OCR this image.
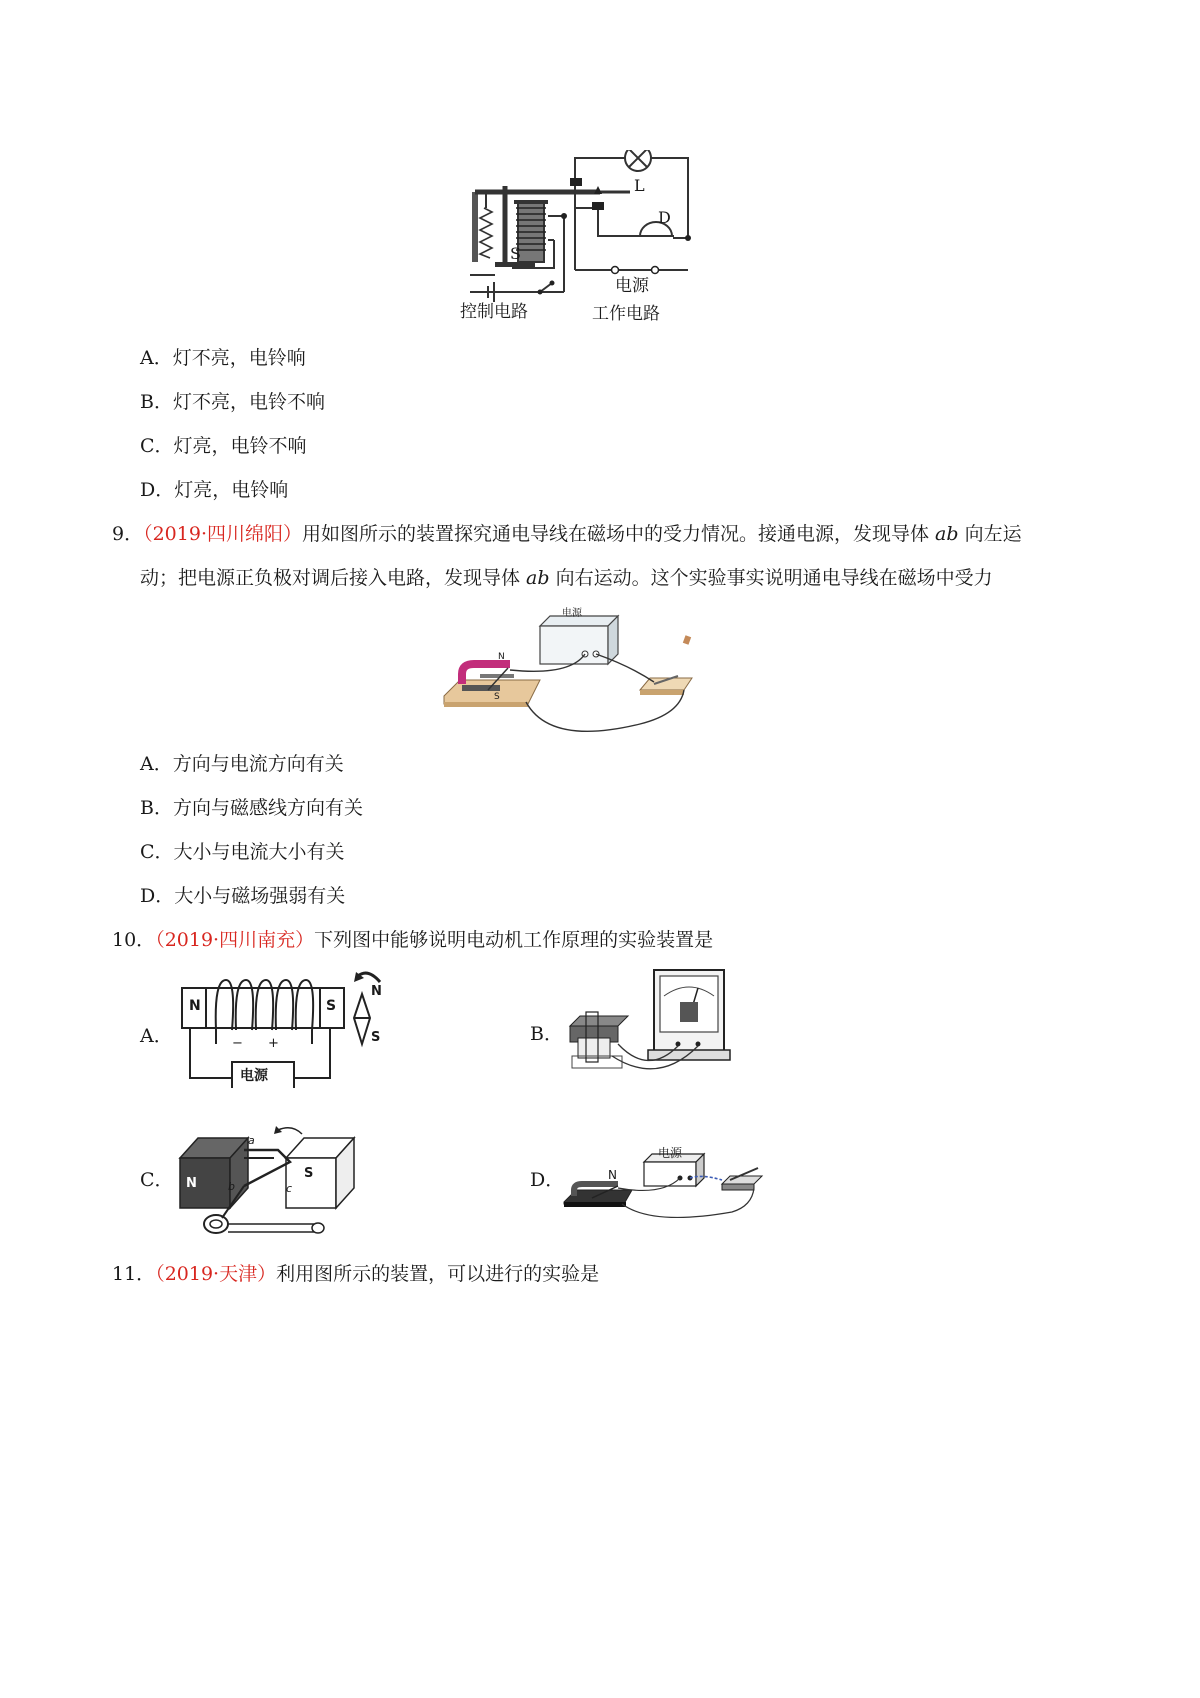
L
D
S
电源
控制电路	工作电路
A．灯不亮，电铃响
B．灯不亮，电铃不响
C．灯亮，电铃不响
D．灯亮，电铃响
9．（2019·四川绵阳）用如图所示的装置探究通电导线在磁场中的受力情况。接通电源，发现导体 ab 向左运
动；把电源正负极对调后接入电路，发现导体 ab 向右运动。这个实验事实说明通电导线在磁场中受力
电源
N
S
A．方向与电流方向有关
B．方向与磁感线方向有关
C．大小与电流大小有关
D．大小与磁场强弱有关
10．（2019·四川南充）下列图中能够说明电动机工作原理的实验装置是
A．	B．
C．	D．
N	S
N
S
− +
电源
N
S
a
b	c
电源
N
11．（2019·天津）利用图所示的装置，可以进行的实验是
